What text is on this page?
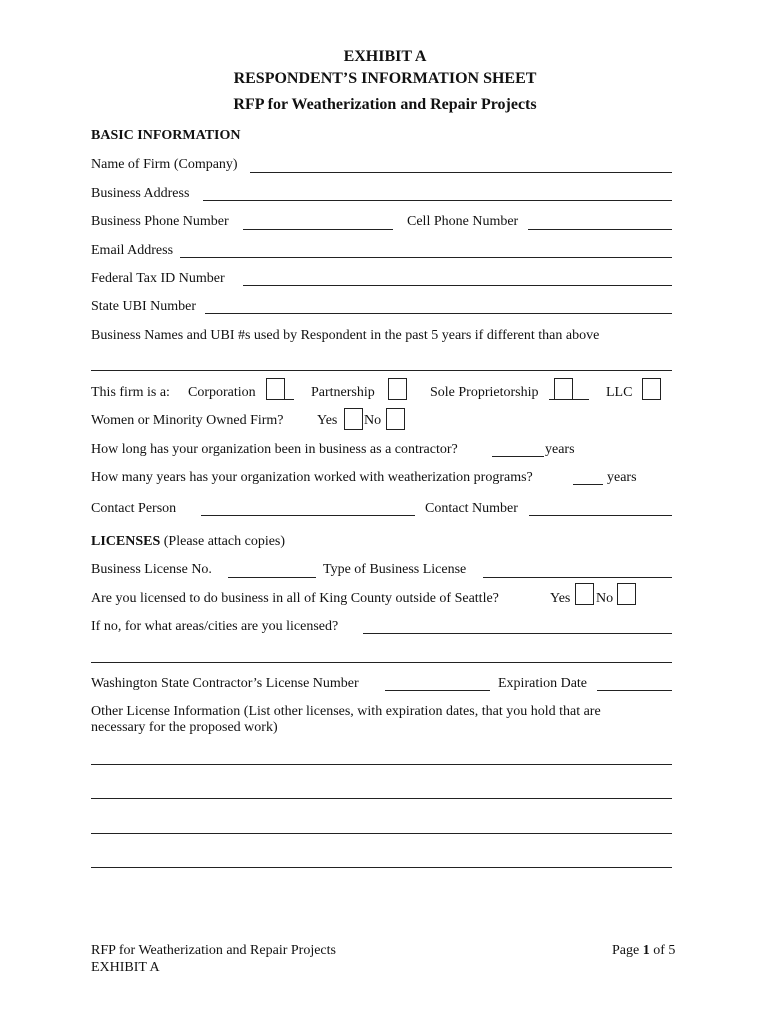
EXHIBIT A
RESPONDENT’S INFORMATION SHEET
RFP for Weatherization and Repair Projects
BASIC INFORMATION
Name of Firm (Company)
Business Address
Business Phone Number	Cell Phone Number
Email Address
Federal Tax ID Number
State UBI Number
Business Names and UBI #s used by Respondent in the past 5 years if different than above
This firm is a: Corporation	Partnership	Sole Proprietorship	LLC
Women or Minority Owned Firm? Yes No
How long has your organization been in business as a contractor?	years
How many years has your organization worked with weatherization programs?	years
Contact Person	Contact Number
LICENSES (Please attach copies)
Business License No.	Type of Business License
Are you licensed to do business in all of King County outside of Seattle?	Yes No
If no, for what areas/cities are you licensed?
Washington State Contractor’s License Number	Expiration Date
Other License Information (List other licenses, with expiration dates, that you hold that are
necessary for the proposed work)
RFP for Weatherization and Repair Projects
EXHIBIT A
Page 1 of 5
